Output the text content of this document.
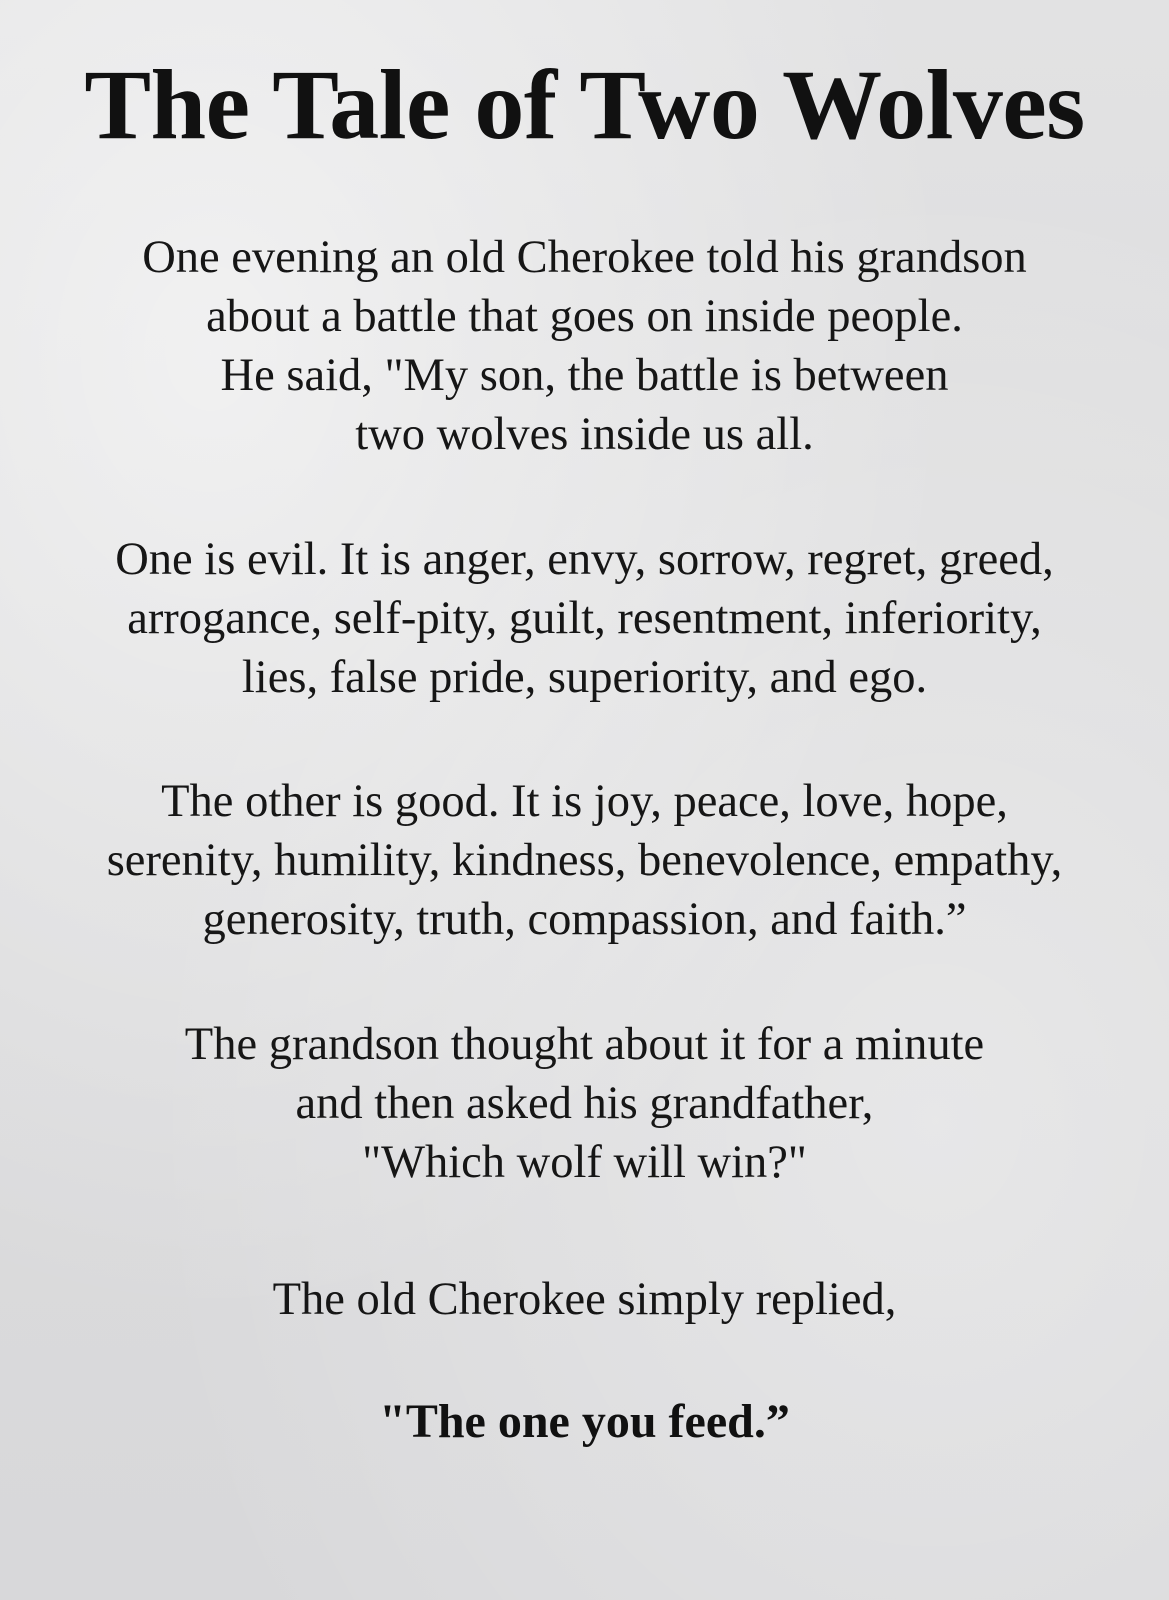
The Tale of Two Wolves

One evening an old Cherokee told his grandson
about a battle that goes on inside people.
He said, "My son, the battle is between
two wolves inside us all.

One is evil. It is anger, envy, sorrow, regret, greed,
arrogance, self-pity, guilt, resentment, inferiority,
lies, false pride, superiority, and ego.

The other is good. It is joy, peace, love, hope,
serenity, humility, kindness, benevolence, empathy,
generosity, truth, compassion, and faith.”

The grandson thought about it for a minute
and then asked his grandfather,
"Which wolf will win?"

The old Cherokee simply replied,

"The one you feed.”
